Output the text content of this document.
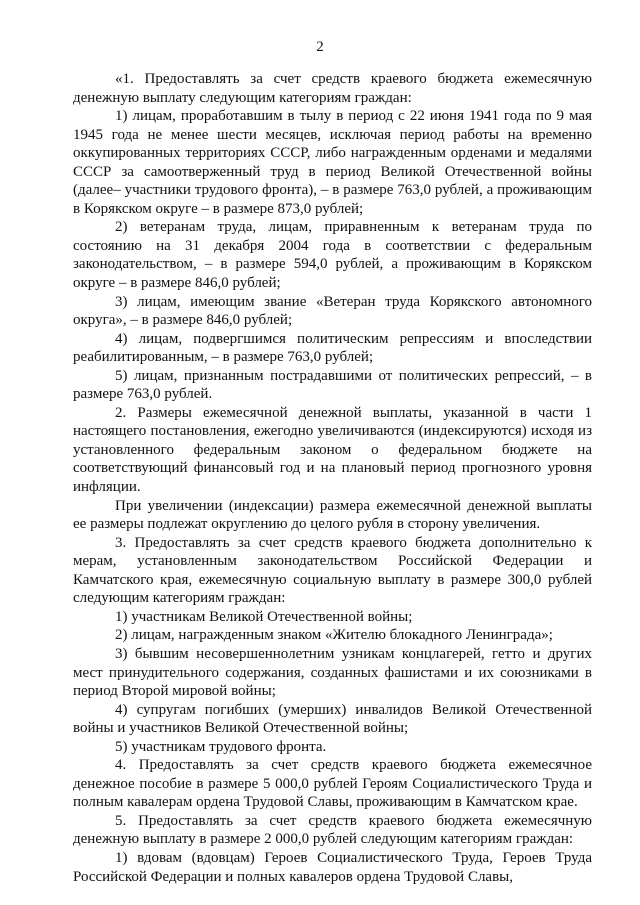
2

«1. Предоставлять за счет средств краевого бюджета ежемесячную денежную выплату следующим категориям граждан:

1) лицам, проработавшим в тылу в период с 22 июня 1941 года по 9 мая 1945 года не менее шести месяцев, исключая период работы на временно оккупированных территориях СССР, либо награжденным орденами и медалями СССР за самоотверженный труд в период Великой Отечественной войны (далее– участники трудового фронта), – в размере 763,0 рублей, а проживающим в Корякском округе – в размере 873,0 рублей;

2) ветеранам труда, лицам, приравненным к ветеранам труда по состоянию на 31 декабря 2004 года в соответствии с федеральным законодательством, – в размере 594,0 рублей, а проживающим в Корякском округе – в размере 846,0 рублей;

3) лицам, имеющим звание «Ветеран труда Корякского автономного округа», – в размере 846,0 рублей;

4) лицам, подвергшимся политическим репрессиям и впоследствии реабилитированным, – в размере 763,0 рублей;

5) лицам, признанным пострадавшими от политических репрессий, – в размере 763,0 рублей.

2. Размеры ежемесячной денежной выплаты, указанной в части 1 настоящего постановления, ежегодно увеличиваются (индексируются) исходя из установленного федеральным законом о федеральном бюджете на соответствующий финансовый год и на плановый период прогнозного уровня инфляции.

При увеличении (индексации) размера ежемесячной денежной выплаты ее размеры подлежат округлению до целого рубля в сторону увеличения.

3. Предоставлять за счет средств краевого бюджета дополнительно к мерам, установленным законодательством Российской Федерации и Камчатского края, ежемесячную социальную выплату в размере 300,0 рублей следующим категориям граждан:

1) участникам Великой Отечественной войны;

2) лицам, награжденным знаком «Жителю блокадного Ленинграда»;

3) бывшим несовершеннолетним узникам концлагерей, гетто и других мест принудительного содержания, созданных фашистами и их союзниками в период Второй мировой войны;

4) супругам погибших (умерших) инвалидов Великой Отечественной войны и участников Великой Отечественной войны;

5) участникам трудового фронта.

4. Предоставлять за счет средств краевого бюджета ежемесячное денежное пособие в размере 5 000,0 рублей Героям Социалистического Труда и полным кавалерам ордена Трудовой Славы, проживающим в Камчатском крае.

5. Предоставлять за счет средств краевого бюджета ежемесячную денежную выплату в размере 2 000,0 рублей следующим категориям граждан:

1) вдовам (вдовцам) Героев Социалистического Труда, Героев Труда Российской Федерации и полных кавалеров ордена Трудовой Славы,
